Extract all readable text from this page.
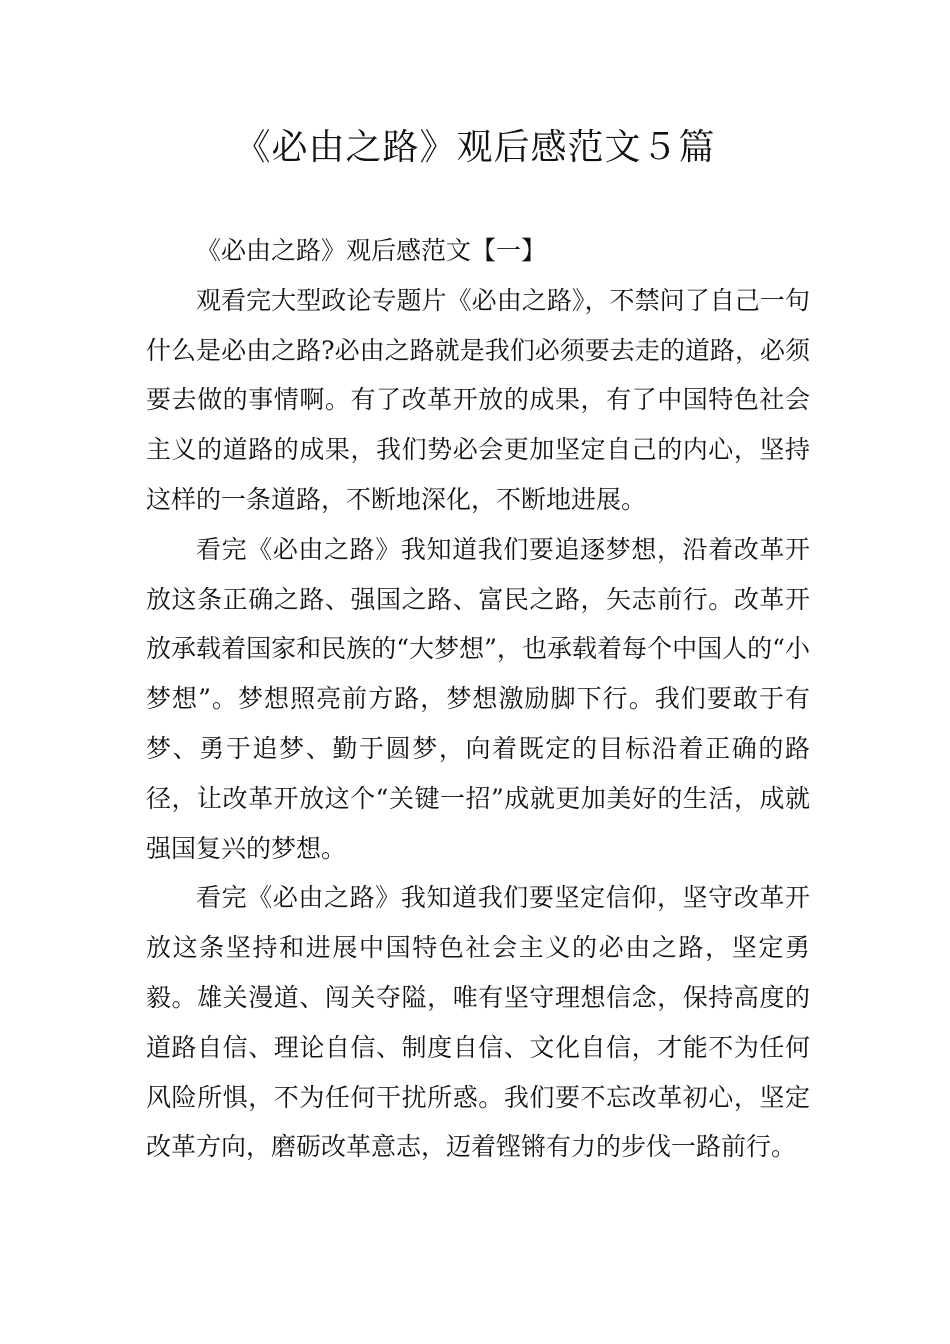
《必由之路》观后感范文５篇
《必由之路》观后感范文【一】

观看完大型政论专题片《必由之路》，不禁问了自己一句什么是必由之路?必由之路就是我们必须要去走的道路，必须要去做的事情啊。有了改革开放的成果，有了中国特色社会主义的道路的成果，我们势必会更加坚定自己的内心，坚持这样的一条道路，不断地深化，不断地进展。

看完《必由之路》我知道我们要追逐梦想，沿着改革开放这条正确之路、强国之路、富民之路，矢志前行。改革开放承载着国家和民族的“大梦想”，也承载着每个中国人的“小梦想”。梦想照亮前方路，梦想激励脚下行。我们要敢于有梦、勇于追梦、勤于圆梦，向着既定的目标沿着正确的路径，让改革开放这个“关键一招”成就更加美好的生活，成就强国复兴的梦想。

看完《必由之路》我知道我们要坚定信仰，坚守改革开放这条坚持和进展中国特色社会主义的必由之路，坚定勇毅。雄关漫道、闯关夺隘，唯有坚守理想信念，保持高度的道路自信、理论自信、制度自信、文化自信，才能不为任何风险所惧，不为任何干扰所惑。我们要不忘改革初心，坚定改革方向，磨砺改革意志，迈着铿锵有力的步伐一路前行。
